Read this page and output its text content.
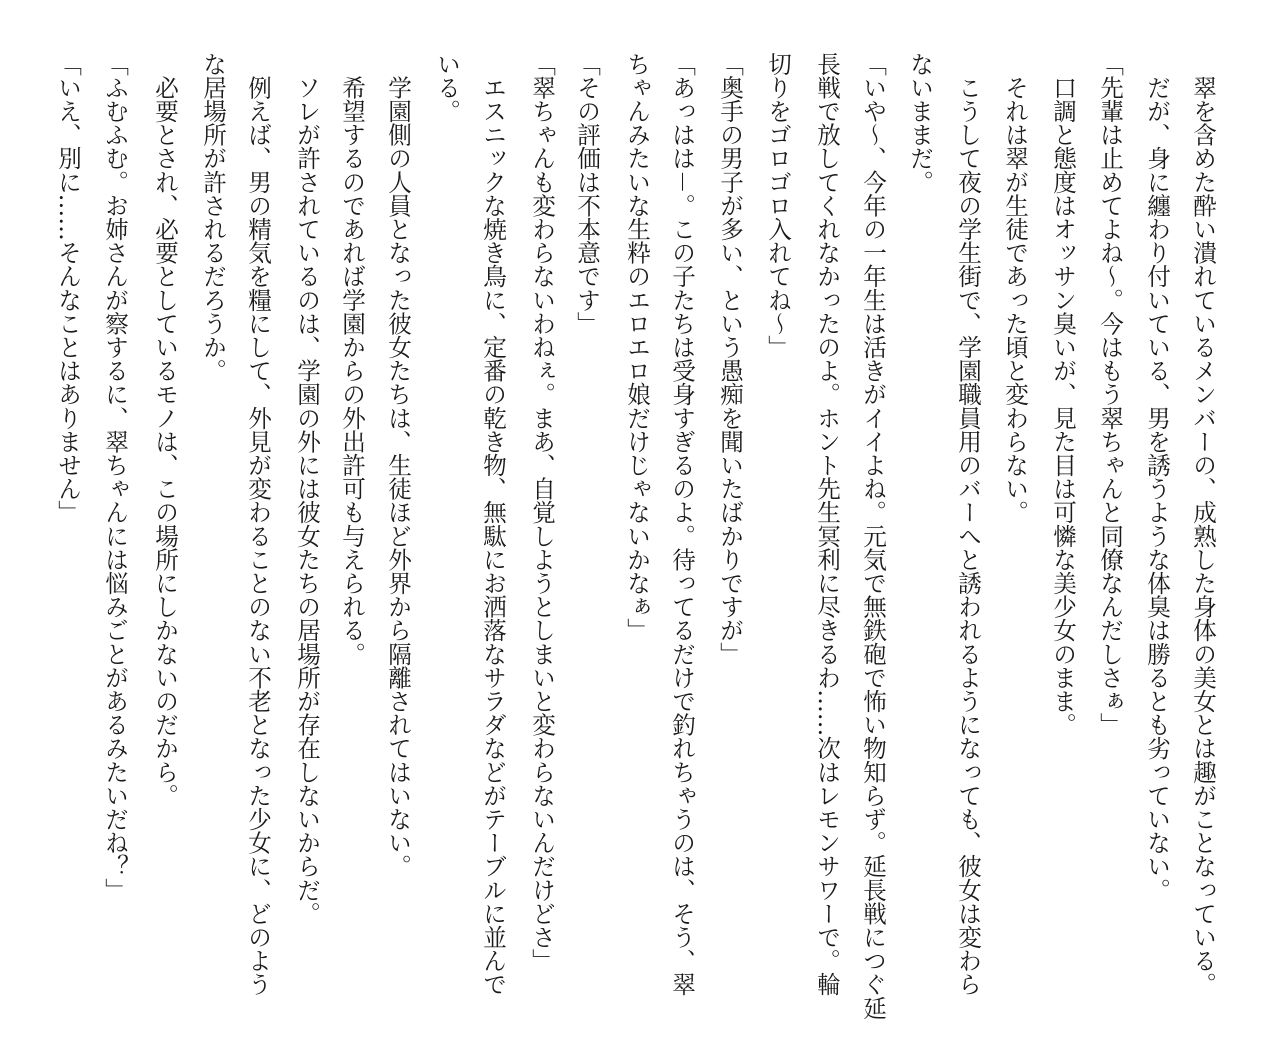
　翠を含めた酔い潰れているメンバーの、成熟した身体の美女とは趣がことなっている。
　だが、身に纏わり付いている、男を誘うような体臭は勝るとも劣っていない。
「先輩は止めてよね～。今はもう翠ちゃんと同僚なんだしさぁ」
　口調と態度はオッサン臭いが、見た目は可憐な美少女のまま。
　それは翠が生徒であった頃と変わらない。
　こうして夜の学生街で、学園職員用のバーへと誘われるようになっても、彼女は変わら
ないままだ。
「いや～、今年の一年生は活きがイイよね。元気で無鉄砲で怖い物知らず。延長戦につぐ延
長戦で放してくれなかったのよ。ホント先生冥利に尽きるわ……次はレモンサワーで。輪
切りをゴロゴロ入れてね～」
「奥手の男子が多い、という愚痴を聞いたばかりですが」
「あっはは－。この子たちは受身すぎるのよ。待ってるだけで釣れちゃうのは、そう、翠
ちゃんみたいな生粋のエロエロ娘だけじゃないかなぁ」
「その評価は不本意です」
「翠ちゃんも変わらないわねぇ。まあ、自覚しようとしまいと変わらないんだけどさ」
　エスニックな焼き鳥に、定番の乾き物、無駄にお洒落なサラダなどがテーブルに並んで
いる。
　学園側の人員となった彼女たちは、生徒ほど外界から隔離されてはいない。
　希望するのであれば学園からの外出許可も与えられる。
　ソレが許されているのは、学園の外には彼女たちの居場所が存在しないからだ。
　例えば、男の精気を糧にして、外見が変わることのない不老となった少女に、どのよう
な居場所が許されるだろうか。
　必要とされ、必要としているモノは、この場所にしかないのだから。
「ふむふむ。お姉さんが察するに、翠ちゃんには悩みごとがあるみたいだね？」
「いえ、別に……そんなことはありません」
